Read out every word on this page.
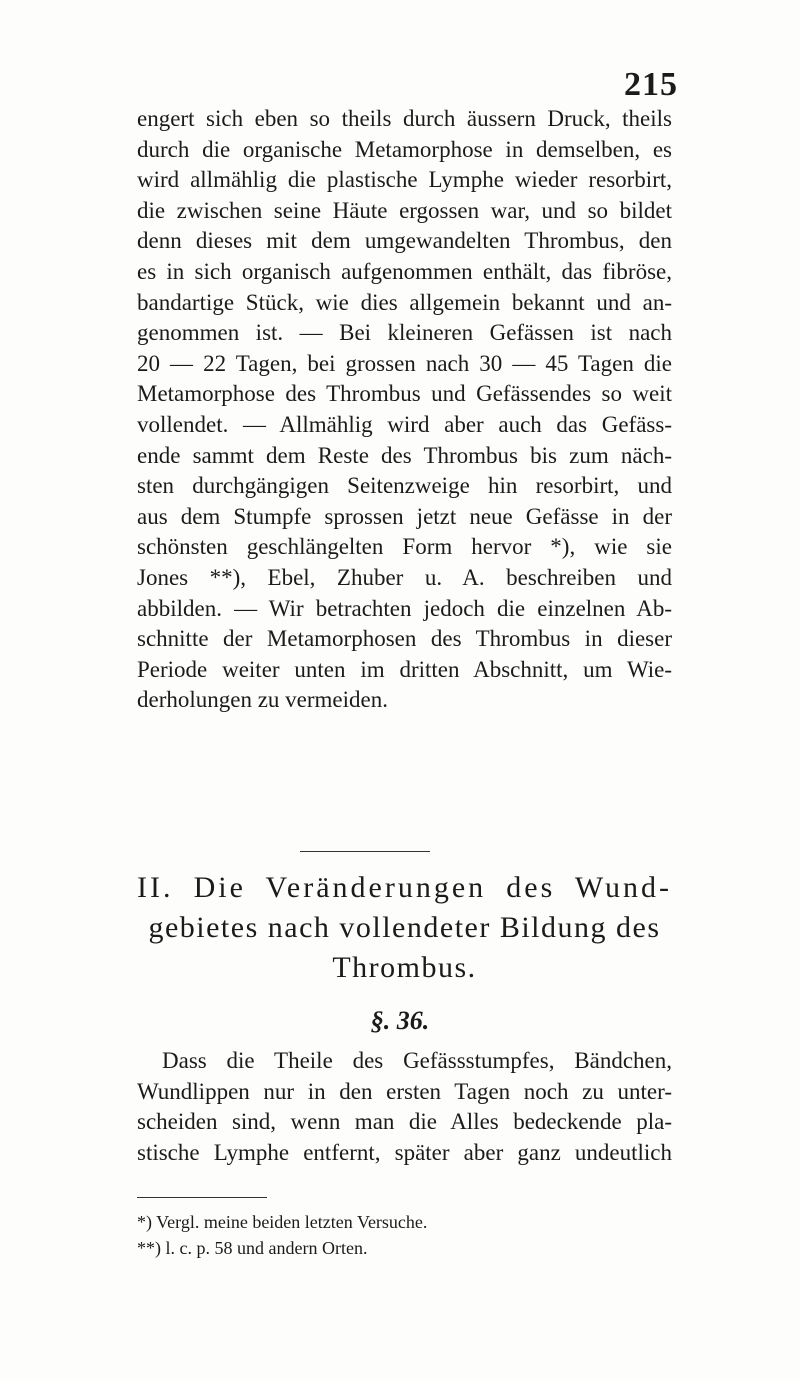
215
engert sich eben so theils durch äussern Druck, theils
durch die organische Metamorphose in demselben, es
wird allmählig die plastische Lymphe wieder resorbirt,
die zwischen seine Häute ergossen war, und so bildet
denn dieses mit dem umgewandelten Thrombus, den
es in sich organisch aufgenommen enthält, das fibröse,
bandartige Stück, wie dies allgemein bekannt und an-
genommen ist. — Bei kleineren Gefässen ist nach
20 — 22 Tagen, bei grossen nach 30 — 45 Tagen die
Metamorphose des Thrombus und Gefässendes so weit
vollendet. — Allmählig wird aber auch das Gefäss-
ende sammt dem Reste des Thrombus bis zum näch-
sten durchgängigen Seitenzweige hin resorbirt, und
aus dem Stumpfe sprossen jetzt neue Gefässe in der
schönsten geschlängelten Form hervor *), wie sie
Jones **), Ebel, Zhuber u. A. beschreiben und
abbilden. — Wir betrachten jedoch die einzelnen Ab-
schnitte der Metamorphosen des Thrombus in dieser
Periode weiter unten im dritten Abschnitt, um Wie-
derholungen zu vermeiden.
II. Die Veränderungen des Wund-
gebietes nach vollendeter Bildung des
Thrombus.
§. 36.
Dass die Theile des Gefässstumpfes, Bändchen,
Wundlippen nur in den ersten Tagen noch zu unter-
scheiden sind, wenn man die Alles bedeckende pla-
stische Lymphe entfernt, später aber ganz undeutlich
*) Vergl. meine beiden letzten Versuche.
**) l. c. p. 58 und andern Orten.
